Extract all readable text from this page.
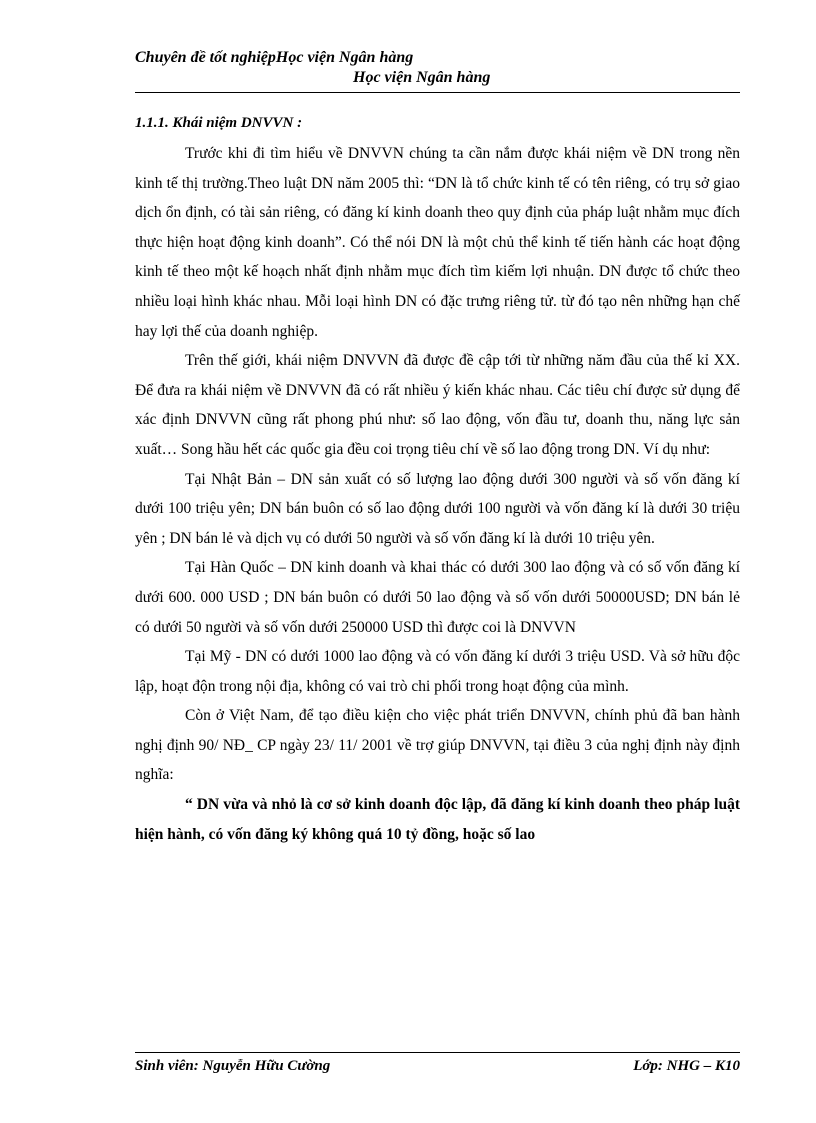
Chuyên đề tốt nghiệpHọc viện Ngân hàng
Học viện Ngân hàng
1.1.1. Khái niệm DNVVN :

Trước khi đi tìm hiểu về DNVVN chúng ta cần nắm được khái niệm về DN trong nền kinh tế thị trường.Theo luật DN năm 2005 thì: “DN là tổ chức kinh tế có tên riêng, có trụ sở giao dịch ổn định, có tài sản riêng, có đăng kí kinh doanh theo quy định của pháp luật nhằm mục đích thực hiện hoạt động kinh doanh”. Có thể nói DN là một chủ thể kinh tế tiến hành các hoạt động kinh tế theo một kế hoạch nhất định nhằm mục đích tìm kiếm lợi nhuận. DN được tổ chức theo nhiều loại hình khác nhau. Mỗi loại hình DN có đặc trưng riêng tử. từ đó tạo nên những hạn chế hay lợi thế của doanh nghiệp.

Trên thế giới, khái niệm DNVVN đã được đề cập tới từ những năm đầu của thế kỉ XX. Để đưa ra khái niệm về DNVVN đã có rất nhiều ý kiến khác nhau. Các tiêu chí được sử dụng để xác định DNVVN cũng rất phong phú như: số lao động, vốn đầu tư, doanh thu, năng lực sản xuất… Song hầu hết các quốc gia đều coi trọng tiêu chí về số lao động trong DN. Ví dụ như:

Tại Nhật Bản – DN sản xuất có số lượng lao động dưới 300 người và số vốn đăng kí dưới 100 triệu yên; DN bán buôn có số lao động dưới 100 người và vốn đăng kí là dưới 30 triệu yên ; DN bán lẻ và dịch vụ có dưới 50 người và số vốn đăng kí là dưới 10 triệu yên.

Tại Hàn Quốc – DN kinh doanh và khai thác có dưới 300 lao động và có số vốn đăng kí dưới 600. 000 USD ; DN bán buôn có dưới 50 lao động và số vốn dưới 50000USD; DN bán lẻ có dưới 50 người và số vốn dưới 250000 USD thì được coi là DNVVN

Tại Mỹ - DN có dưới 1000 lao động và có vốn đăng kí dưới 3 triệu USD. Và sở hữu độc lập, hoạt độn trong nội địa, không có vai trò chi phối trong hoạt động của mình.

Còn ở Việt Nam, để tạo điều kiện cho việc phát triển DNVVN, chính phủ đã ban hành nghị định 90/ NĐ_ CP ngày 23/ 11/ 2001 về trợ giúp DNVVN, tại điều 3 của nghị định này định nghĩa:

“ DN vừa và nhỏ là cơ sở kinh doanh độc lập, đã đăng kí kinh doanh theo pháp luật hiện hành, có vốn đăng ký không quá 10 tỷ đồng, hoặc số lao

Sinh viên: Nguyễn Hữu Cường	Lớp: NHG – K10
